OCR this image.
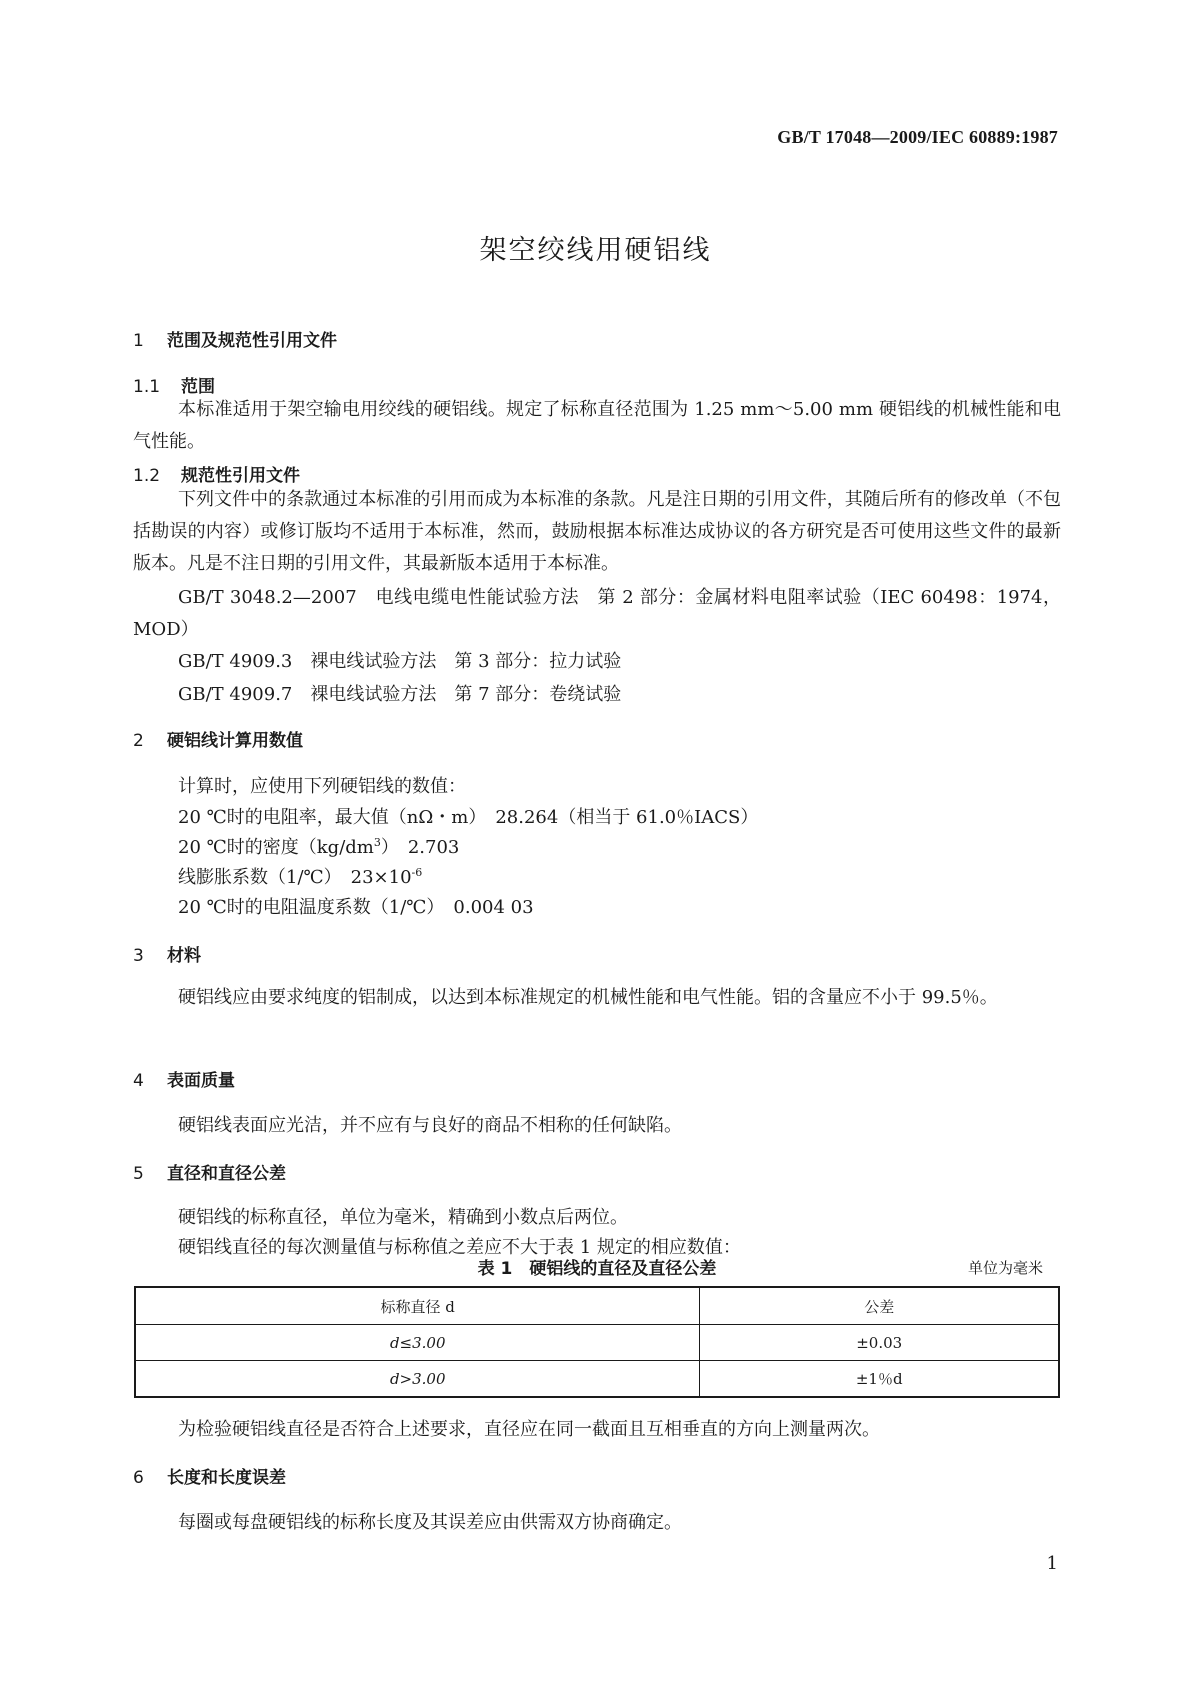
GB/T 17048—2009/IEC 60889:1987
架空绞线用硬铝线
1 范围及规范性引用文件
1.1 范围
本标准适用于架空输电用绞线的硬铝线。规定了标称直径范围为 1.25 mm～5.00 mm 硬铝线的机械性能和电气性能。
1.2 规范性引用文件
下列文件中的条款通过本标准的引用而成为本标准的条款。凡是注日期的引用文件，其随后所有的修改单（不包括勘误的内容）或修订版均不适用于本标准，然而，鼓励根据本标准达成协议的各方研究是否可使用这些文件的最新版本。凡是不注日期的引用文件，其最新版本适用于本标准。
GB/T 3048.2—2007　电线电缆电性能试验方法　第 2 部分：金属材料电阻率试验（IEC 60498：1974，MOD）
GB/T 4909.3　裸电线试验方法　第 3 部分：拉力试验
GB/T 4909.7　裸电线试验方法　第 7 部分：卷绕试验
2 硬铝线计算用数值
计算时，应使用下列硬铝线的数值：
20 ℃时的电阻率，最大值（nΩ・m）　28.264（相当于 61.0％IACS）
20 ℃时的密度$(kg/dm^3)$　2.703
线膨胀系数（1/℃）　$23\times 10^{-6}$
20 ℃时的电阻温度系数（1/℃）　0.004 03
3 材料
硬铝线应由要求纯度的铝制成，以达到本标准规定的机械性能和电气性能。铝的含量应不小于 99.5％。
4 表面质量
硬铝线表面应光洁，并不应有与良好的商品不相称的任何缺陷。
5 直径和直径公差
硬铝线的标称直径，单位为毫米，精确到小数点后两位。
硬铝线直径的每次测量值与标称值之差应不大于表 1 规定的相应数值：
表 1　硬铝线的直径及直径公差	单位为毫米
标称直径 d	公差
d≤3.00	±0.03
d>3.00	±1％d
为检验硬铝线直径是否符合上述要求，直径应在同一截面且互相垂直的方向上测量两次。
6 长度和长度误差
每圈或每盘硬铝线的标称长度及其误差应由供需双方协商确定。
1
